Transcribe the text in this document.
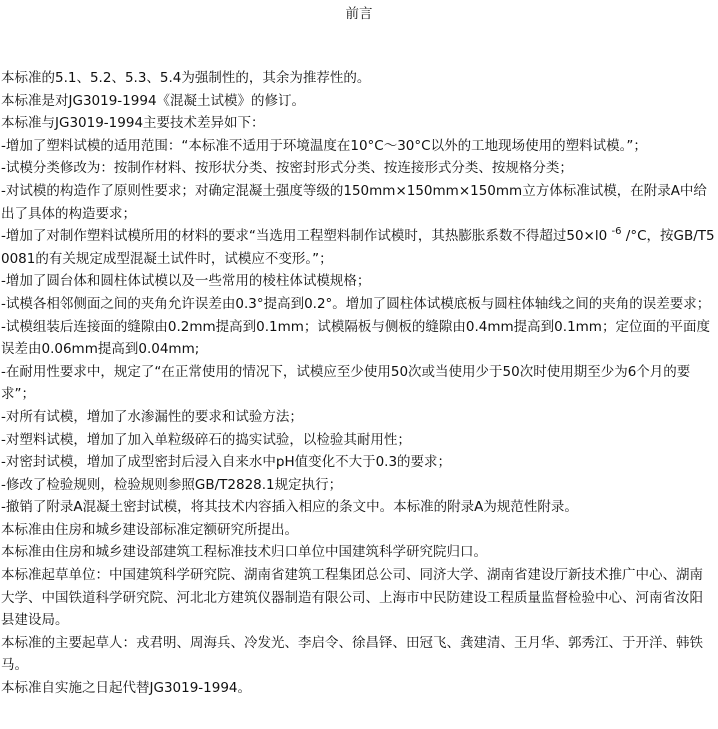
前言

本标准的5.1、5.2、5.3、5.4为强制性的，其余为推荐性的。

本标准是对JG3019-1994《混凝土试模》的修订。

本标准与JG3019-1994主要技术差异如下：

-增加了塑料试模的适用范围：“本标准不适用于环境温度在10°C～30°C以外的工地现场使用的塑料试模。”；

-试模分类修改为：按制作材料、按形状分类、按密封形式分类、按连接形式分类、按规格分类；

-对试模的构造作了原则性要求；对确定混凝土强度等级的150mm×150mm×150mm立方体标准试模，在附录A中给出了具体的构造要求；

-增加了对制作塑料试模所用的材料的要求“当选用工程塑料制作试模时，其热膨胀系数不得超过50×l0 $^{-6}$ /°C，按GB/T50081的有关规定成型混凝土试件时，试模应不变形。”；

-增加了圆台体和圆柱体试模以及一些常用的棱柱体试模规格；

-试模各相邻侧面之间的夹角允许误差由0.3°提高到0.2°。增加了圆柱体试模底板与圆柱体轴线之间的夹角的误差要求；

-试模组装后连接面的缝隙由0.2mm提高到0.1mm；试模隔板与侧板的缝隙由0.4mm提高到0.1mm；定位面的平面度误差由0.06mm提高到0.04mm;

-在耐用性要求中，规定了“在正常使用的情况下，试模应至少使用50次或当使用少于50次时使用期至少为6个月的要求”；

-对所有试模，增加了水渗漏性的要求和试验方法；

-对塑料试模，增加了加入单粒级碎石的捣实试验，以检验其耐用性；

-对密封试模，增加了成型密封后浸入自来水中pH值变化不大于0.3的要求；

-修改了检验规则，检验规则参照GB/T2828.1规定执行；

-撤销了附录A混凝土密封试模，将其技术内容插入相应的条文中。本标准的附录A为规范性附录。

本标准由住房和城乡建设部标准定额研究所提出。

本标准由住房和城乡建设部建筑工程标准技术归口单位中国建筑科学研究院归口。

本标准起草单位：中国建筑科学研究院、湖南省建筑工程集团总公司、同济大学、湖南省建设厅新技术推广中心、湖南大学、中国铁道科学研究院、河北北方建筑仪器制造有限公司、上海市中民防建设工程质量监督检验中心、河南省汝阳县建设局。

本标准的主要起草人：戎君明、周海兵、冷发光、李启令、徐昌铎、田冠飞、龚建清、王月华、郭秀江、于开洋、韩铁马。

本标准自实施之日起代替JG3019-1994。
